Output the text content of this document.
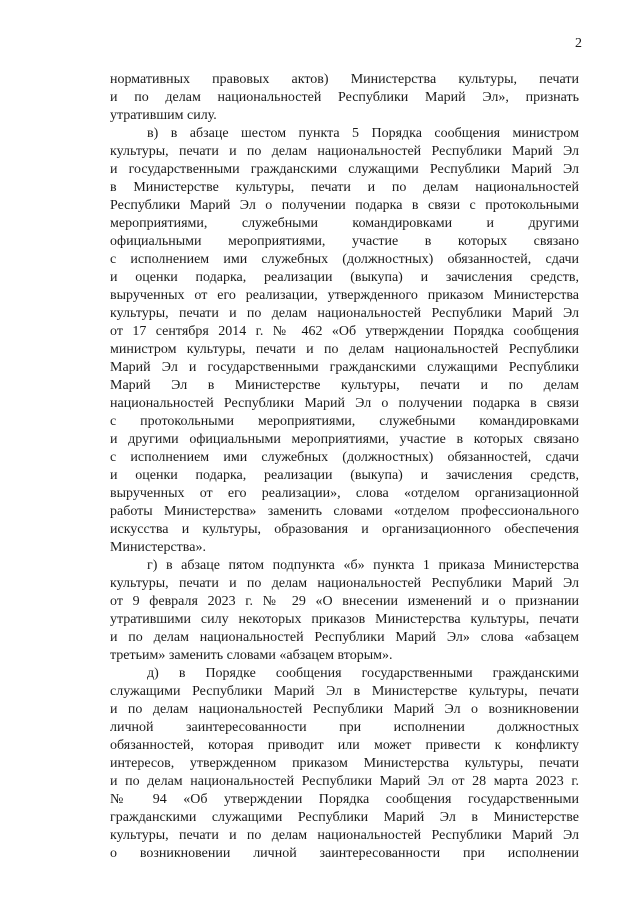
2
нормативных правовых актов) Министерства культуры, печати
и по делам национальностей Республики Марий Эл», признать
утратившим силу.
в) в абзаце шестом пункта 5 Порядка сообщения министром
культуры, печати и по делам национальностей Республики Марий Эл
и государственными гражданскими служащими Республики Марий Эл
в Министерстве культуры, печати и по делам национальностей
Республики Марий Эл о получении подарка в связи с протокольными
мероприятиями, служебными командировками и другими
официальными мероприятиями, участие в которых связано
с исполнением ими служебных (должностных) обязанностей, сдачи
и оценки подарка, реализации (выкупа) и зачисления средств,
вырученных от его реализации, утвержденного приказом Министерства
культуры, печати и по делам национальностей Республики Марий Эл
от 17 сентября 2014 г. № 462 «Об утверждении Порядка сообщения
министром культуры, печати и по делам национальностей Республики
Марий Эл и государственными гражданскими служащими Республики
Марий Эл в Министерстве культуры, печати и по делам
национальностей Республики Марий Эл о получении подарка в связи
с протокольными мероприятиями, служебными командировками
и другими официальными мероприятиями, участие в которых связано
с исполнением ими служебных (должностных) обязанностей, сдачи
и оценки подарка, реализации (выкупа) и зачисления средств,
вырученных от его реализации», слова «отделом организационной
работы Министерства» заменить словами «отделом профессионального
искусства и культуры, образования и организационного обеспечения
Министерства».
г) в абзаце пятом подпункта «б» пункта 1 приказа Министерства
культуры, печати и по делам национальностей Республики Марий Эл
от 9 февраля 2023 г. № 29 «О внесении изменений и о признании
утратившими силу некоторых приказов Министерства культуры, печати
и по делам национальностей Республики Марий Эл» слова «абзацем
третьим» заменить словами «абзацем вторым».
д) в Порядке сообщения государственными гражданскими
служащими Республики Марий Эл в Министерстве культуры, печати
и по делам национальностей Республики Марий Эл о возникновении
личной заинтересованности при исполнении должностных
обязанностей, которая приводит или может привести к конфликту
интересов, утвержденном приказом Министерства культуры, печати
и по делам национальностей Республики Марий Эл от 28 марта 2023 г.
№ 94 «Об утверждении Порядка сообщения государственными
гражданскими служащими Республики Марий Эл в Министерстве
культуры, печати и по делам национальностей Республики Марий Эл
о возникновении личной заинтересованности при исполнении
